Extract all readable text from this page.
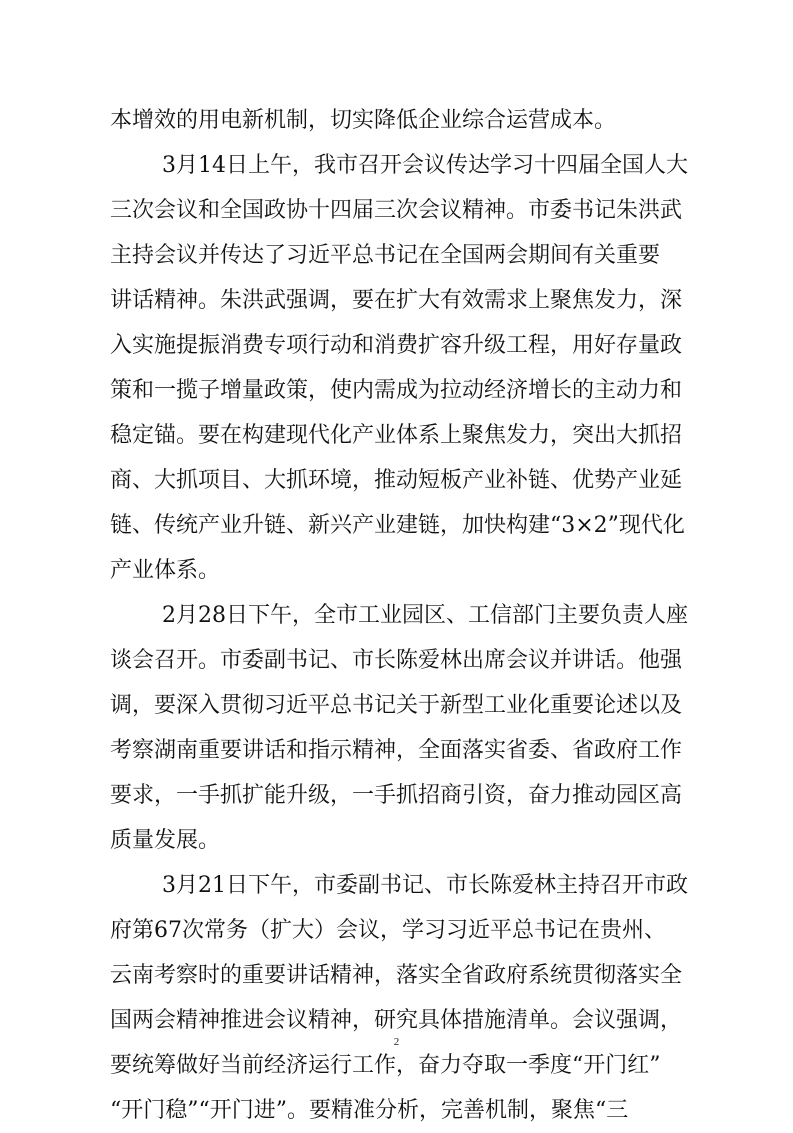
本增效的用电新机制，切实降低企业综合运营成本。
3月14日上午，我市召开会议传达学习十四届全国人大
三次会议和全国政协十四届三次会议精神。市委书记朱洪武
主持会议并传达了习近平总书记在全国两会期间有关重要
讲话精神。朱洪武强调，要在扩大有效需求上聚焦发力，深
入实施提振消费专项行动和消费扩容升级工程，用好存量政
策和一揽子增量政策，使内需成为拉动经济增长的主动力和
稳定锚。要在构建现代化产业体系上聚焦发力，突出大抓招
商、大抓项目、大抓环境，推动短板产业补链、优势产业延
链、传统产业升链、新兴产业建链，加快构建“3×2”现代化
产业体系。
2月28日下午，全市工业园区、工信部门主要负责人座
谈会召开。市委副书记、市长陈爱林出席会议并讲话。他强
调，要深入贯彻习近平总书记关于新型工业化重要论述以及
考察湖南重要讲话和指示精神，全面落实省委、省政府工作
要求，一手抓扩能升级，一手抓招商引资，奋力推动园区高
质量发展。
3月21日下午，市委副书记、市长陈爱林主持召开市政
府第67次常务（扩大）会议，学习习近平总书记在贵州、
云南考察时的重要讲话精神，落实全省政府系统贯彻落实全
国两会精神推进会议精神，研究具体措施清单。会议强调，
要统筹做好当前经济运行工作，奋力夺取一季度“开门红”
“开门稳”“开门进”。要精准分析，完善机制，聚焦“三
2
